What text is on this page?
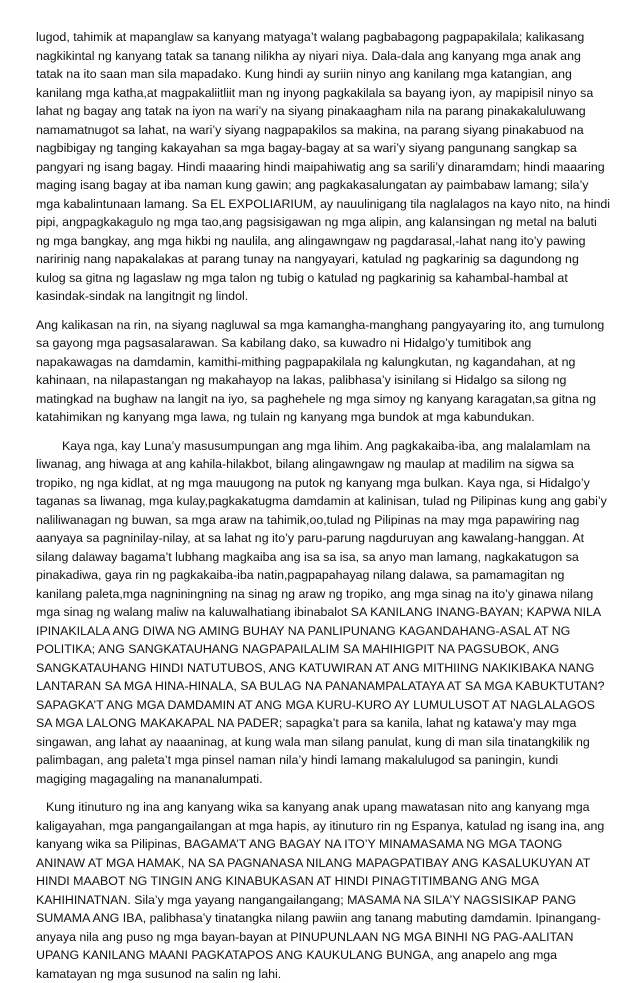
lugod, tahimik at mapanglaw sa kanyang matyaga’t walang pagbabagong pagpapakilala; kalikasang nagkikintal ng kanyang tatak sa tanang nilikha ay niyari niya. Dala-dala ang kanyang mga anak ang tatak na ito saan man sila mapadako. Kung hindi ay suriin ninyo ang kanilang mga katangian, ang kanilang mga katha,at magpakaliitliit man ng inyong pagkakilala sa bayang iyon, ay mapipisil ninyo sa lahat ng bagay ang tatak na iyon na wari’y na siyang pinakaagham nila na parang pinakakaluluwang namamatnugot sa lahat, na wari’y siyang nagpapakilos sa makina, na parang siyang pinakabuod na nagbibigay ng tanging kakayahan sa mga bagay-bagay at sa wari’y siyang pangunang sangkap sa pangyari ng isang bagay. Hindi maaaring hindi maipahiwatig ang sa sarili’y dinaramdam; hindi maaaring maging isang bagay at iba naman kung gawin; ang pagkakasalungatan ay paimbabaw lamang; sila’y mga kabalintunaan lamang. Sa EL EXPOLIARIUM, ay nauulinigang tila naglalagos na kayo nito, na hindi pipi, angpagkakagulo ng mga tao,ang pagsisigawan ng mga alipin, ang kalansingan ng metal na baluti ng mga bangkay, ang mga hikbi ng naulila, ang alingawngaw ng pagdarasal,-lahat nang ito’y pawing naririnig nang napakalakas at parang tunay na nangyayari, katulad ng pagkarinig sa dagundong ng kulog sa gitna ng lagaslaw ng mga talon ng tubig o katulad ng pagkarinig sa kahambal-hambal at kasindak-sindak na langitngit ng lindol.

Ang kalikasan na rin, na siyang nagluwal sa mga kamangha-manghang pangyayaring ito, ang tumulong sa gayong mga pagsasalarawan. Sa kabilang dako, sa kuwadro ni Hidalgo’y tumitibok ang napakawagas na damdamin, kamithi-mithing pagpapakilala ng kalungkutan, ng kagandahan, at ng kahinaan, na nilapastangan ng makahayop na lakas, palibhasa’y isinilang si Hidalgo sa silong ng matingkad na bughaw na langit na iyo, sa paghehele ng mga simoy ng kanyang karagatan,sa gitna ng katahimikan ng kanyang mga lawa, ng tulain ng kanyang mga bundok at mga kabundukan.

Kaya nga, kay Luna’y masusumpungan ang mga lihim. Ang pagkakaiba-iba, ang malalamlam na liwanag, ang hiwaga at ang kahila-hilakbot, bilang alingawngaw ng maulap at madilim na sigwa sa tropiko, ng nga kidlat, at ng mga mauugong na putok ng kanyang mga bulkan. Kaya nga, si Hidalgo’y taganas sa liwanag, mga kulay,pagkakatugma damdamin at kalinisan, tulad ng Pilipinas kung ang gabi’y naliliwanagan ng buwan, sa mga araw na tahimik,oo,tulad ng Pilipinas na may mga papawiring nag aanyaya sa pagninilay-nilay, at sa lahat ng ito’y paru-parung nagduruyan ang kawalang-hanggan. At silang dalaway bagama’t lubhang magkaiba ang isa sa isa, sa anyo man lamang, nagkakatugon sa pinakadiwa, gaya rin ng pagkakaiba-iba natin,pagpapahayag nilang dalawa, sa pamamagitan ng kanilang paleta,mga nagniningning na sinag ng araw ng tropiko, ang mga sinag na ito’y ginawa nilang mga sinag ng walang maliw na kaluwalhatiang ibinabalot SA KANILANG INANG-BAYAN; KAPWA NILA IPINAKILALA ANG DIWA NG AMING BUHAY NA PANLIPUNANG KAGANDAHANG-ASAL AT NG POLITIKA; ANG SANGKATAUHANG NAGPAPAILALIM SA MAHIHIGPIT NA PAGSUBOK, ANG SANGKATAUHANG HINDI NATUTUBOS, ANG KATUWIRAN AT ANG MITHIING NAKIKIBAKA NANG LANTARAN SA MGA HINA-HINALA, SA BULAG NA PANANAMPALATAYA AT SA MGA KABUKTUTAN? SAPAGKA’T ANG MGA DAMDAMIN AT ANG MGA KURU-KURO AY LUMULUSOT AT NAGLALAGOS SA MGA LALONG MAKAKAPAL NA PADER; sapagka’t para sa kanila, lahat ng katawa’y may mga singawan, ang lahat ay naaaninag, at kung wala man silang panulat, kung di man sila tinatangkilik ng palimbagan, ang paleta’t mga pinsel naman nila’y hindi lamang makalulugod sa paningin, kundi magiging magagaling na mananalumpati.

Kung itinuturo ng ina ang kanyang wika sa kanyang anak upang mawatasan nito ang kanyang mga kaligayahan, mga pangangailangan at mga hapis, ay itinuturo rin ng Espanya, katulad ng isang ina, ang kanyang wika sa Pilipinas, BAGAMA’T ANG BAGAY NA ITO’Y MINAMASAMA NG MGA TAONG ANINAW AT MGA HAMAK, NA SA PAGNANASA NILANG MAPAGPATIBAY ANG KASALUKUYAN AT HINDI MAABOT NG TINGIN ANG KINABUKASAN AT HINDI PINAGTITIMBANG ANG MGA KAHIHINATNAN. Sila’y mga yayang nangangailangang; MASAMA NA SILA’Y NAGSISIKAP PANG SUMAMA ANG IBA, palibhasa’y tinatangka nilang pawiin ang tanang mabuting damdamin. Ipinangang-anyaya nila ang puso ng mga bayan-bayan at PINUPUNLAAN NG MGA BINHI NG PAG-AALITAN UPANG KANILANG MAANI PAGKATAPOS ANG KAUKULANG BUNGA, ang anapelo ang mga kamatayan ng mga susunod na salin ng lahi.
